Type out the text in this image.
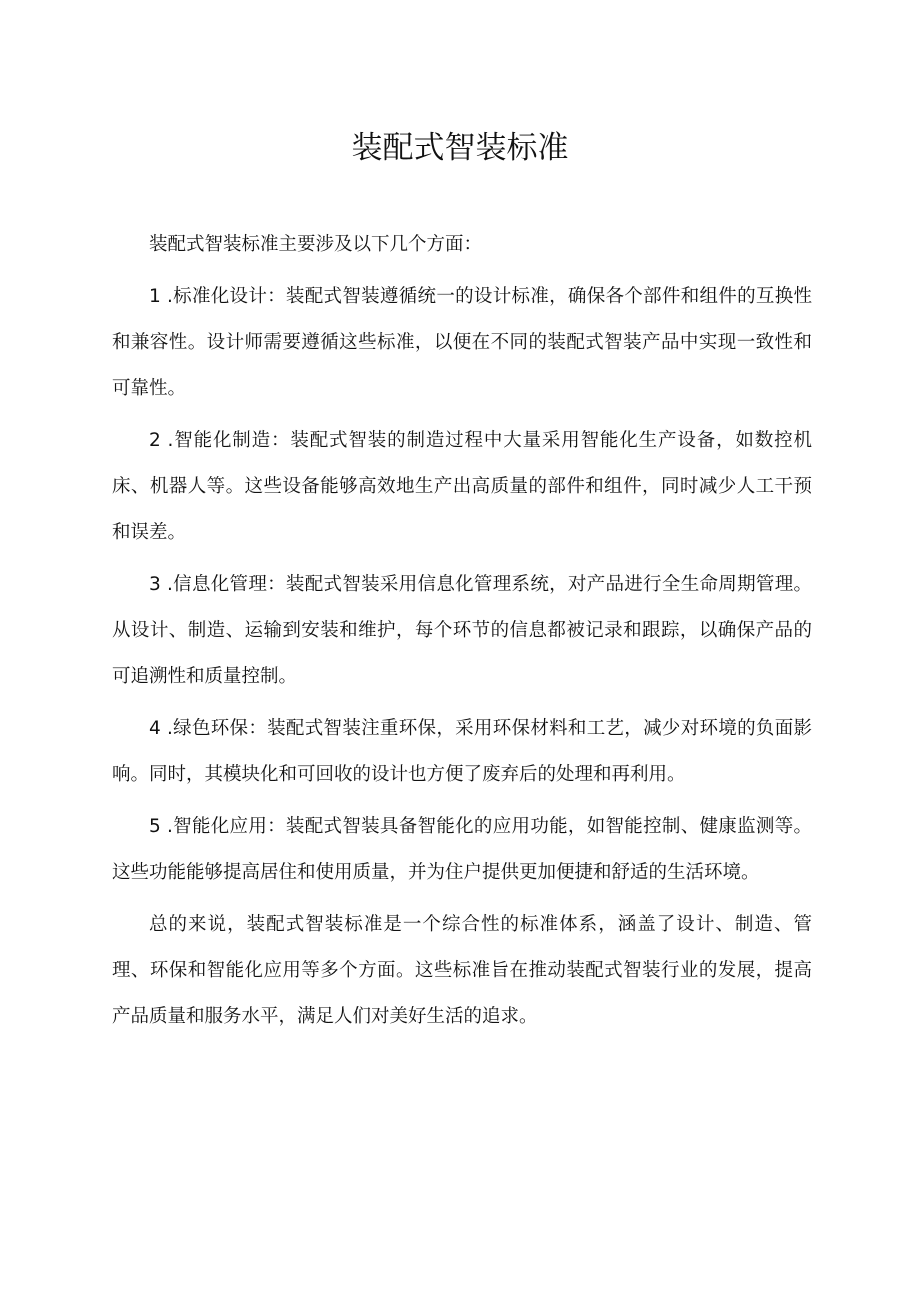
装配式智装标准

装配式智装标准主要涉及以下几个方面：

1 .标准化设计：装配式智装遵循统一的设计标准，确保各个部件和组件的互换性和兼容性。设计师需要遵循这些标准，以便在不同的装配式智装产品中实现一致性和可靠性。

2 .智能化制造：装配式智装的制造过程中大量采用智能化生产设备，如数控机床、机器人等。这些设备能够高效地生产出高质量的部件和组件，同时减少人工干预和误差。

3 .信息化管理：装配式智装采用信息化管理系统，对产品进行全生命周期管理。从设计、制造、运输到安装和维护，每个环节的信息都被记录和跟踪，以确保产品的可追溯性和质量控制。

4 .绿色环保：装配式智装注重环保，采用环保材料和工艺，减少对环境的负面影响。同时，其模块化和可回收的设计也方便了废弃后的处理和再利用。

5 .智能化应用：装配式智装具备智能化的应用功能，如智能控制、健康监测等。这些功能能够提高居住和使用质量，并为住户提供更加便捷和舒适的生活环境。

总的来说，装配式智装标准是一个综合性的标准体系，涵盖了设计、制造、管理、环保和智能化应用等多个方面。这些标准旨在推动装配式智装行业的发展，提高产品质量和服务水平，满足人们对美好生活的追求。
